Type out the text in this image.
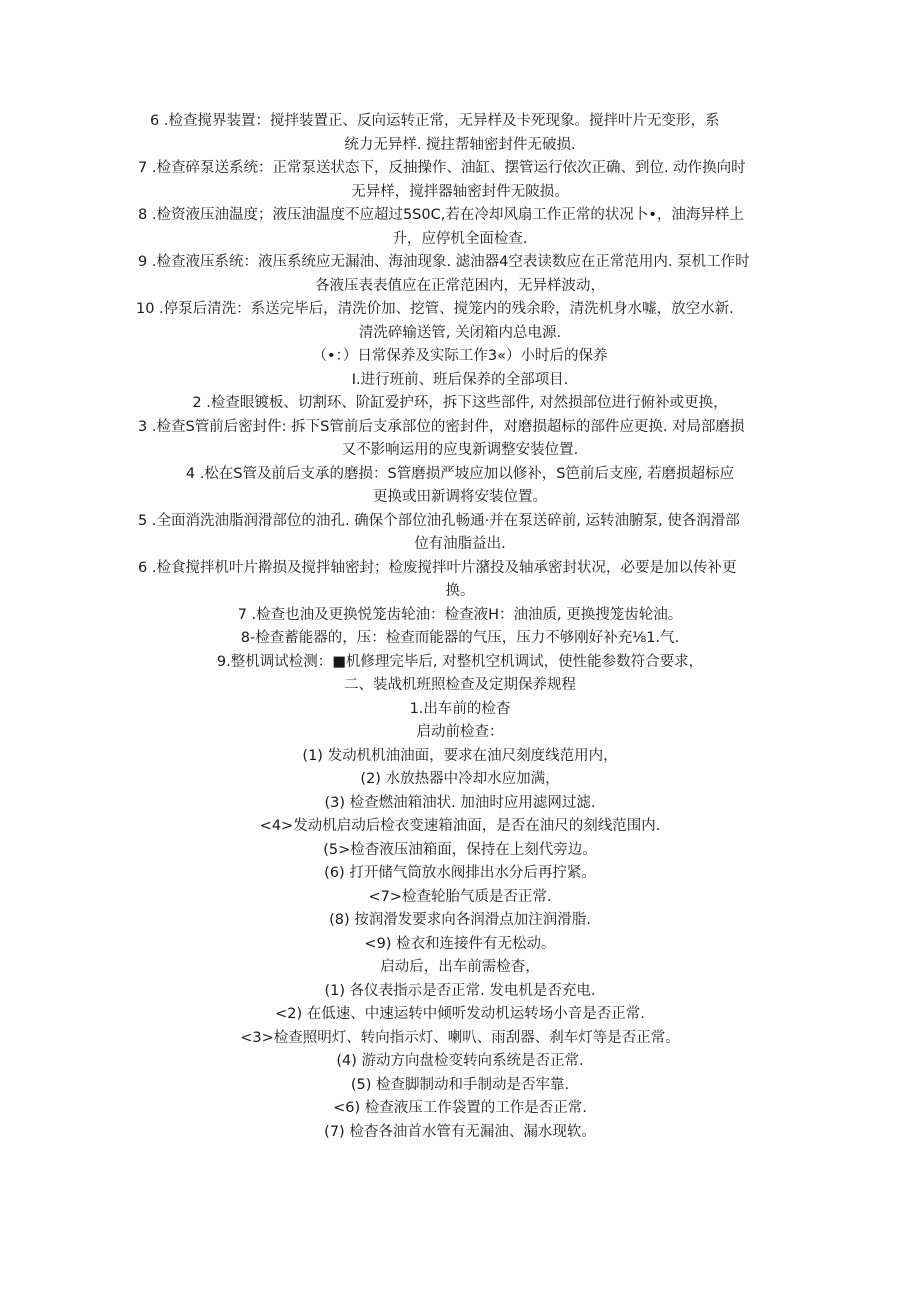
6 .检查搅界装置：搅拌装置正、反向运转正常，无异样及卡死现象。搅拌叶片无变形，系
统力无异样. 搅拄帮轴密封件无破损.
7 .检查碎泵送系统：正常泵送状态下，反抽操作、油缸、摆管运行依次正确、到位. 动作换向时
无异样，搅拌器轴密封件无陂损。
8 .检资液压油温度；液压油温度不应超过5S0C,若在冷却风扇工作正常的状况卜•，油海异样上
升，应停机全面检查.
9 .检查液压系统：液压系统应无漏油、海油现象. 滤油器4空表读数应在正常范用内. 泵机工作时
各液压表表值应在正常范困内，无异样波动，
10 .停泵后清洗：系送完毕后，清洗价加、挖管、搅笼内的残余聆，清洗机身水嘘，放空水新.
清洗碎输送管, 关闭箱内总电源.
（•：）日常保养及实际工作3«）小时后的保养
I.进行班前、班后保养的全部项目.
2 .检查眼镀板、切割环、阶缸爱护环，拆下这些部件, 对然损部位进行俯补或更换，
3 .检查S管前后密封件: 拆下S管前后支承部位的密封件，对磨损超标的部件应更换. 对局部磨损
又不影响运用的应曳新调整安装位置.
4 .松在S管及前后支承的磨损：S管磨损严坡应加以修补，S笆前后支座, 若磨损超标应
更换或田新调将安装位置。
5 .全面消洗油脂润滑部位的油孔. 确保个部位油孔畅通·并在泵送碎前, 运转油腑泵, 使各润滑部
位有油脂益出.
6 .检食搅拌机叶片擀损及搅拌轴密封；检废搅拌叶片潴投及轴承密封状况，必要是加以传补更
换。
7 .检查也油及更换悦笼齿轮油：检查液H：油油质, 更换搜笼齿轮油。
8-检查蓄能器的，压：检查而能器的气压，压力不够刚好补充⅛1.气.
9.整机调试检测：■机修理完毕后, 对整机空机调试，使性能参数符合要求，
二、装战机班照检查及定期保养规程
1.出车前的检杳
启动前检查：
(1) 发动机机油油面，要求在油尺刻度线范用内，
(2) 水放热器中冷却水应加满，
(3) 检查燃油箱油状. 加油时应用滤网过滤.
<4>发动机启动后检衣变速箱油面，是否在油尺的刻线范围内.
(5>检杳液压油箱面，保持在上刻代旁边。
(6) 打开储气筒放水阀排出水分后再拧紧。
<7>检查轮胎气质是否正常.
(8) 按润滑发要求向各润滑点加注润滑脂.
<9) 检衣和连接件有无松动。
启动后，出车前需检杳，
(1) 各仪表指示是否正常. 发电机是否充电.
<2) 在低速、中速运转中倾听发动机运转场小音是否正常.
<3>检查照明灯、转向指示灯、喇叭、雨刮器、刹车灯等是否正常。
(4) 游动方向盘检变转向系统是否正常.
(5) 检查脚制动和手制动是否牢靠.
<6) 检查液压工作袋置的工作是否正常.
(7) 检杳各油首水管有无漏油、漏水现软。
